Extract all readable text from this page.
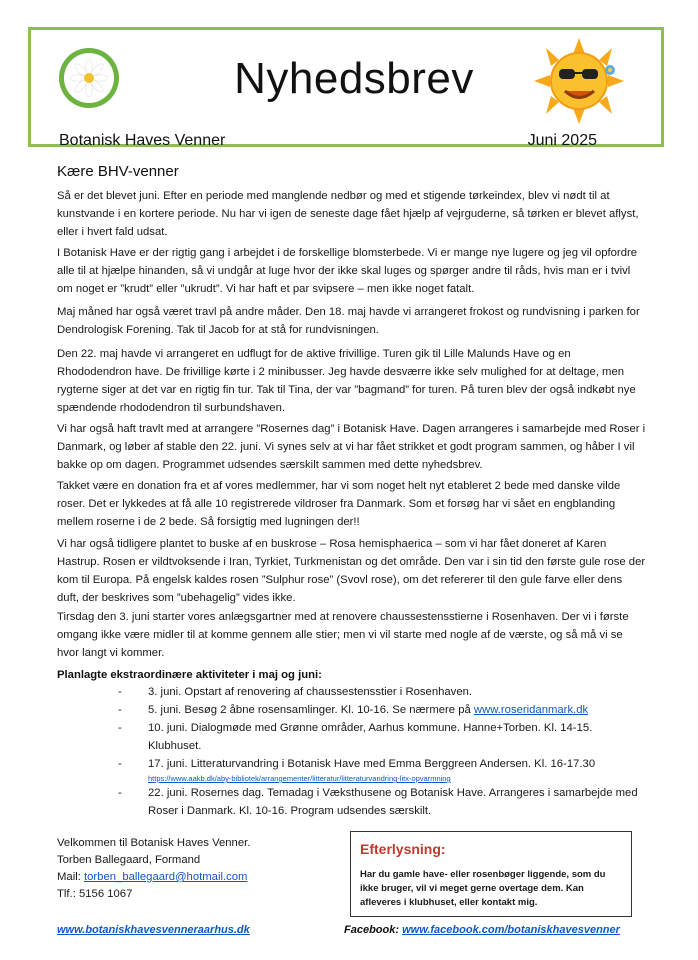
Nyhedsbrev
Botanisk Haves Venner	Juni 2025
Kære BHV-venner
Så er det blevet juni. Efter en periode med manglende nedbør og med et stigende tørkeindex, blev vi nødt til at kunstvande i en kortere periode. Nu har vi igen de seneste dage fået hjælp af vejrguderne, så tørken er blevet aflyst, eller i hvert fald udsat.
I Botanisk Have er der rigtig gang i arbejdet i de forskellige blomsterbede. Vi er mange nye lugere og jeg vil opfordre alle til at hjælpe hinanden, så vi undgår at luge hvor der ikke skal luges og spørger andre til råds, hvis man er i tvivl om noget er ”krudt” eller ”ukrudt”. Vi har haft et par svipsere – men ikke noget fatalt.
Maj måned har også været travl på andre måder. Den 18. maj havde vi arrangeret frokost og rundvisning i parken for Dendrologisk Forening. Tak til Jacob for at stå for rundvisningen.
Den 22. maj havde vi arrangeret en udflugt for de aktive frivillige. Turen gik til Lille Malunds Have og en Rhododendron have. De frivillige kørte i 2 minibusser. Jeg havde desværre ikke selv mulighed for at deltage, men rygterne siger at det var en rigtig fin tur. Tak til Tina, der var ”bagmand” for turen. På turen blev der også indkøbt nye spændende rhododendron til surbundshaven.
Vi har også haft travlt med at arrangere ”Rosernes dag” i Botanisk Have. Dagen arrangeres i samarbejde med Roser i Danmark, og løber af stable den 22. juni. Vi synes selv at vi har fået strikket et godt program sammen, og håber I vil bakke op om dagen. Programmet udsendes særskilt sammen med dette nyhedsbrev.
Takket være en donation fra et af vores medlemmer, har vi som noget helt nyt etableret 2 bede med danske vilde roser. Det er lykkedes at få alle 10 registrerede vildroser fra Danmark. Som et forsøg har vi sået en engblanding mellem roserne i de 2 bede. Så forsigtig med lugningen der!!
Vi har også tidligere plantet to buske af en buskrose – Rosa hemisphaerica – som vi har fået doneret af Karen Hastrup. Rosen er vildtvoksende i Iran, Tyrkiet, Turkmenistan og det område. Den var i sin tid den første gule rose der kom til Europa. På engelsk kaldes rosen ”Sulphur rose” (Svovl rose), om det refererer til den gule farve eller dens duft, der beskrives som ”ubehagelig” vides ikke.
Tirsdag den 3. juni starter vores anlægsgartner med at renovere chaussestensstierne i Rosenhaven. Der vi i første omgang ikke være midler til at komme gennem alle stier; men vi vil starte med nogle af de værste, og så må vi se hvor langt vi kommer.
Planlagte ekstraordinære aktiviteter i maj og juni:
- 3. juni. Opstart af renovering af chaussestensstier i Rosenhaven.
- 5. juni. Besøg 2 åbne rosensamlinger. Kl. 10-16. Se nærmere på www.roseridanmark.dk
- 10. juni. Dialogmøde med Grønne områder, Aarhus kommune. Hanne+Torben. Kl. 14-15. Klubhuset.
- 17. juni. Litteraturvandring i Botanisk Have med Emma Berggreen Andersen. Kl. 16-17.30
https://www.aakb.dk/aby-bibliotek/arrangementer/litteratur/litteraturvandring-litx-opvarmning
- 22. juni. Rosernes dag. Temadag i Væksthusene og Botanisk Have. Arrangeres i samarbejde med Roser i Danmark. Kl. 10-16. Program udsendes særskilt.
Velkommen til Botanisk Haves Venner.
Torben Ballegaard, Formand
Mail: torben_ballegaard@hotmail.com
Tlf.: 5156 1067
Efterlysning:
Har du gamle have- eller rosenbøger liggende, som du ikke bruger, vil vi meget gerne overtage dem. Kan afleveres i klubhuset, eller kontakt mig.
www.botaniskhavesvenneraarhus.dk	Facebook: www.facebook.com/botaniskhavesvenner
